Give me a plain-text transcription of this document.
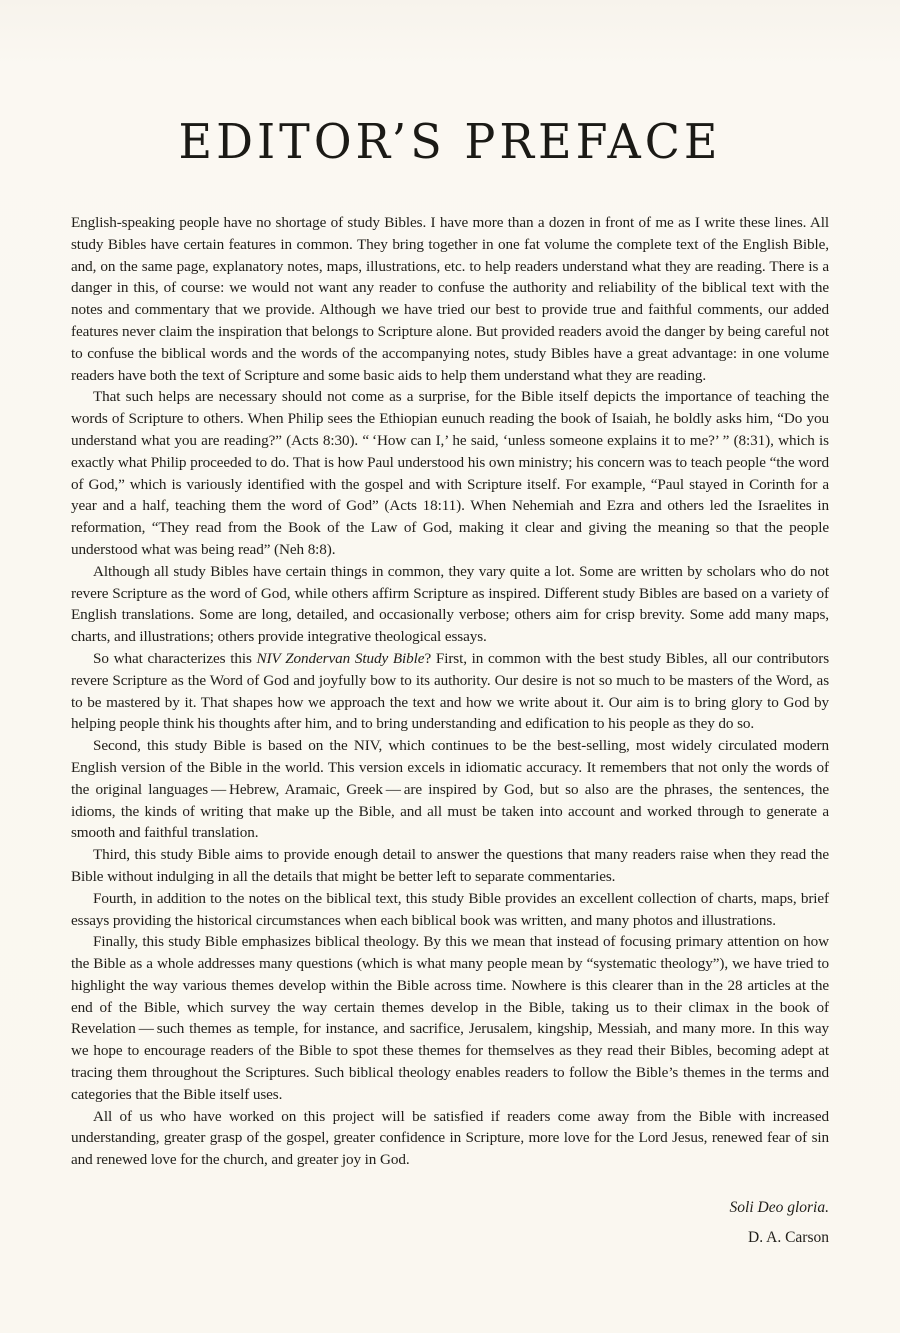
EDITOR’S PREFACE

English-speaking people have no shortage of study Bibles. I have more than a dozen in front of me as I write these lines. All study Bibles have certain features in common. They bring together in one fat volume the complete text of the English Bible, and, on the same page, explanatory notes, maps, illustrations, etc. to help readers understand what they are reading. There is a danger in this, of course: we would not want any reader to confuse the authority and reliability of the biblical text with the notes and commentary that we provide. Although we have tried our best to provide true and faithful comments, our added features never claim the inspiration that belongs to Scripture alone. But provided readers avoid the danger by being careful not to confuse the biblical words and the words of the accompanying notes, study Bibles have a great advantage: in one volume readers have both the text of Scripture and some basic aids to help them understand what they are reading.

That such helps are necessary should not come as a surprise, for the Bible itself depicts the importance of teaching the words of Scripture to others. When Philip sees the Ethiopian eunuch reading the book of Isaiah, he boldly asks him, “Do you understand what you are reading?” (Acts 8:30). “ ‘How can I,’ he said, ‘unless someone explains it to me?’ ” (8:31), which is exactly what Philip proceeded to do. That is how Paul understood his own ministry; his concern was to teach people “the word of God,” which is variously identified with the gospel and with Scripture itself. For example, “Paul stayed in Corinth for a year and a half, teaching them the word of God” (Acts 18:11). When Nehemiah and Ezra and others led the Israelites in reformation, “They read from the Book of the Law of God, making it clear and giving the meaning so that the people understood what was being read” (Neh 8:8).

Although all study Bibles have certain things in common, they vary quite a lot. Some are written by scholars who do not revere Scripture as the word of God, while others affirm Scripture as inspired. Different study Bibles are based on a variety of English translations. Some are long, detailed, and occasionally verbose; others aim for crisp brevity. Some add many maps, charts, and illustrations; others provide integrative theological essays.

So what characterizes this NIV Zondervan Study Bible? First, in common with the best study Bibles, all our contributors revere Scripture as the Word of God and joyfully bow to its authority. Our desire is not so much to be masters of the Word, as to be mastered by it. That shapes how we approach the text and how we write about it. Our aim is to bring glory to God by helping people think his thoughts after him, and to bring understanding and edification to his people as they do so.

Second, this study Bible is based on the NIV, which continues to be the best-selling, most widely circulated modern English version of the Bible in the world. This version excels in idiomatic accuracy. It remembers that not only the words of the original languages — Hebrew, Aramaic, Greek — are inspired by God, but so also are the phrases, the sentences, the idioms, the kinds of writing that make up the Bible, and all must be taken into account and worked through to generate a smooth and faithful translation.

Third, this study Bible aims to provide enough detail to answer the questions that many readers raise when they read the Bible without indulging in all the details that might be better left to separate commentaries.

Fourth, in addition to the notes on the biblical text, this study Bible provides an excellent collection of charts, maps, brief essays providing the historical circumstances when each biblical book was written, and many photos and illustrations.

Finally, this study Bible emphasizes biblical theology. By this we mean that instead of focusing primary attention on how the Bible as a whole addresses many questions (which is what many people mean by “systematic theology”), we have tried to highlight the way various themes develop within the Bible across time. Nowhere is this clearer than in the 28 articles at the end of the Bible, which survey the way certain themes develop in the Bible, taking us to their climax in the book of Revelation — such themes as temple, for instance, and sacrifice, Jerusalem, kingship, Messiah, and many more. In this way we hope to encourage readers of the Bible to spot these themes for themselves as they read their Bibles, becoming adept at tracing them throughout the Scriptures. Such biblical theology enables readers to follow the Bible’s themes in the terms and categories that the Bible itself uses.

All of us who have worked on this project will be satisfied if readers come away from the Bible with increased understanding, greater grasp of the gospel, greater confidence in Scripture, more love for the Lord Jesus, renewed fear of sin and renewed love for the church, and greater joy in God.

Soli Deo gloria.

D. A. Carson
